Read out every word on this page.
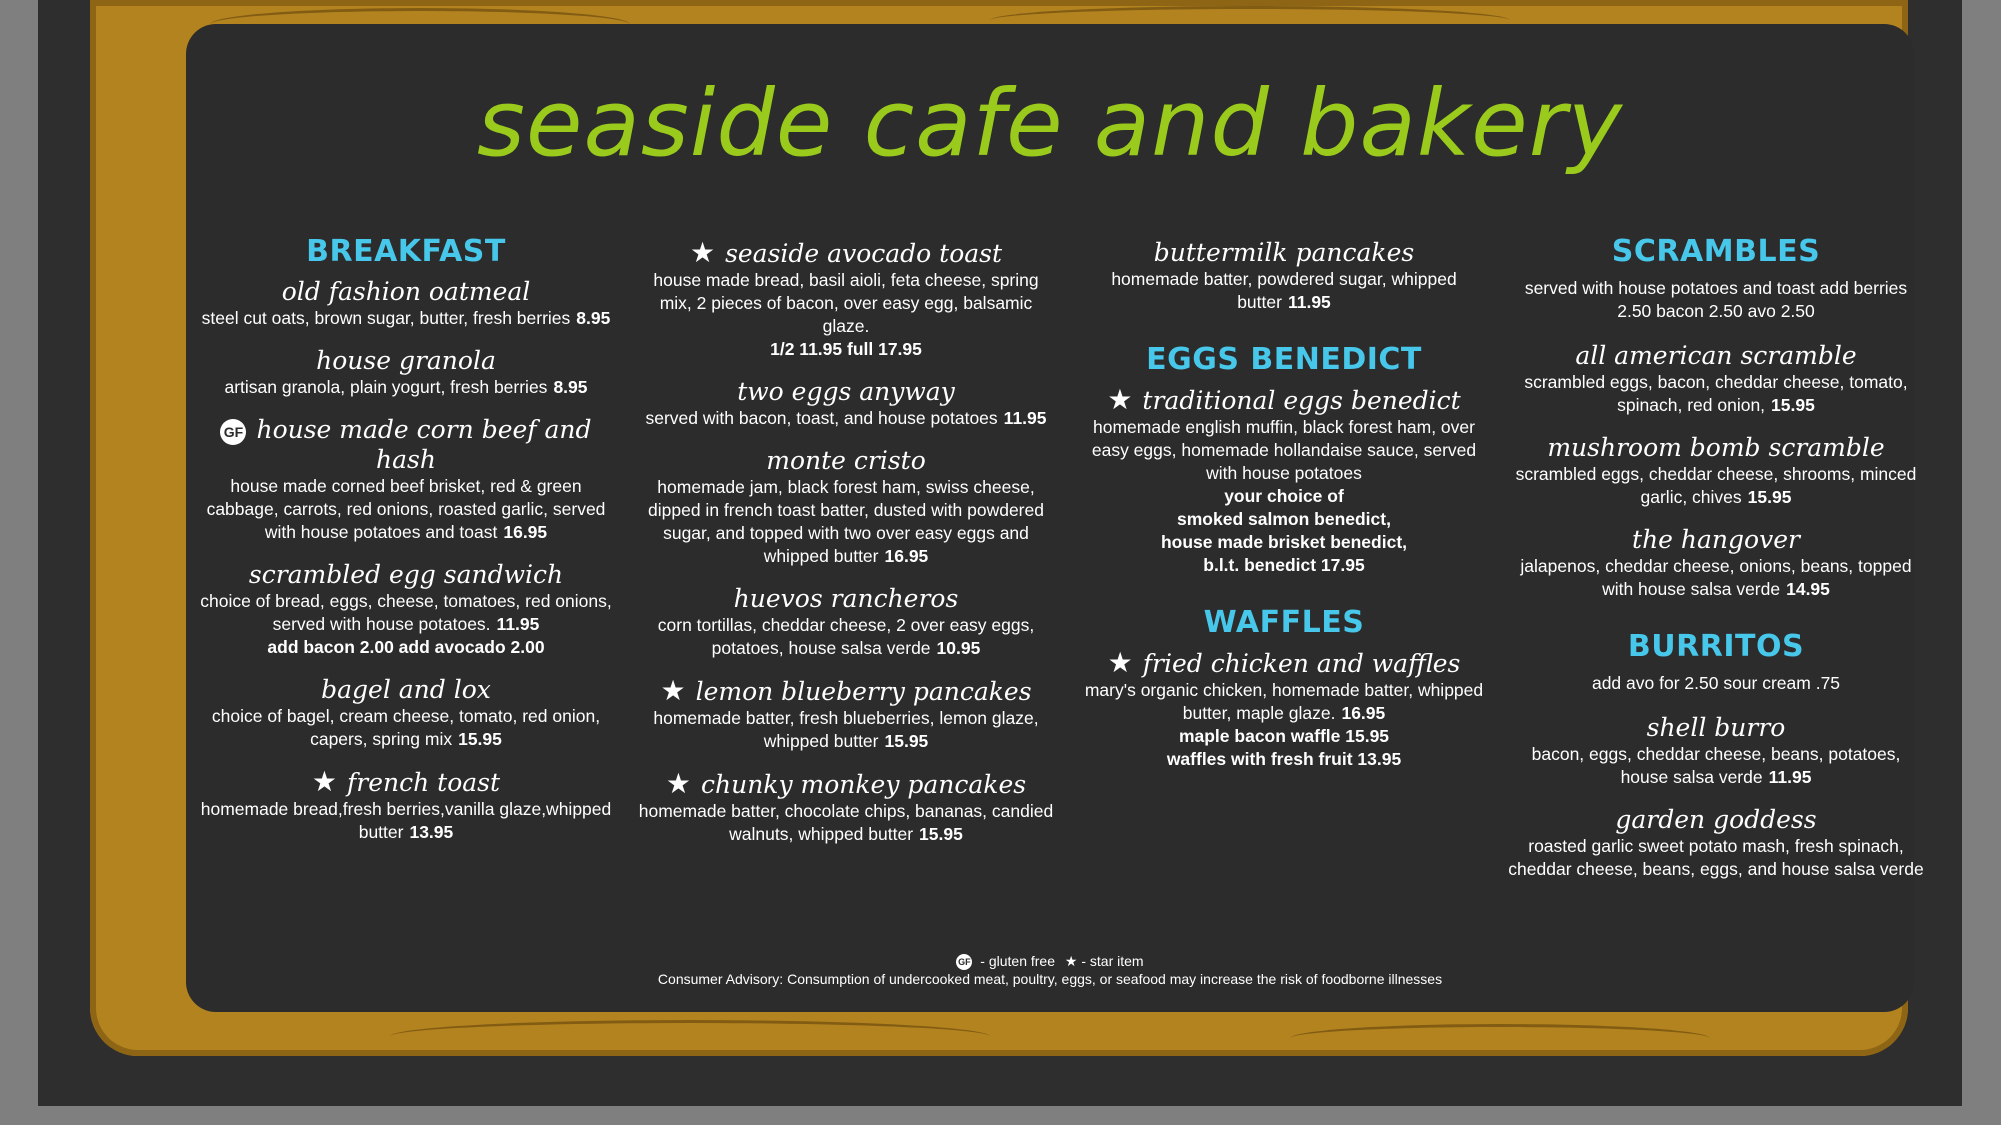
seaside cafe and bakery
BREAKFAST
old fashion oatmeal
steel cut oats, brown sugar, butter, fresh berries 8.95
house granola
artisan granola, plain yogurt, fresh berries 8.95
GF house made corn beef and hash
house made corned beef brisket, red & green cabbage, carrots, red onions, roasted garlic, served with house potatoes and toast 16.95
scrambled egg sandwich
choice of bread, eggs, cheese, tomatoes, red onions, served with house potatoes. 11.95
add bacon 2.00 add avocado 2.00
bagel and lox
choice of bagel, cream cheese, tomato, red onion, capers, spring mix 15.95
★ french toast
homemade bread,fresh berries,vanilla glaze,whipped butter 13.95
★ seaside avocado toast
house made bread, basil aioli, feta cheese, spring mix, 2 pieces of bacon, over easy egg, balsamic glaze.
1/2 11.95 full 17.95
two eggs anyway
served with bacon, toast, and house potatoes 11.95
monte cristo
homemade jam, black forest ham, swiss cheese, dipped in french toast batter, dusted with powdered sugar, and topped with two over easy eggs and whipped butter 16.95
huevos rancheros
corn tortillas, cheddar cheese, 2 over easy eggs, potatoes, house salsa verde 10.95
★ lemon blueberry pancakes
homemade batter, fresh blueberries, lemon glaze, whipped butter 15.95
★ chunky monkey pancakes
homemade batter, chocolate chips, bananas, candied walnuts, whipped butter 15.95
buttermilk pancakes
homemade batter, powdered sugar, whipped butter 11.95
EGGS BENEDICT
★ traditional eggs benedict
homemade english muffin, black forest ham, over easy eggs, homemade hollandaise sauce, served with house potatoes
your choice of
smoked salmon benedict,
house made brisket benedict,
b.l.t. benedict 17.95
WAFFLES
★ fried chicken and waffles
mary's organic chicken, homemade batter, whipped butter, maple glaze. 16.95
maple bacon waffle 15.95
waffles with fresh fruit 13.95
SCRAMBLES
served with house potatoes and toast add berries 2.50 bacon 2.50 avo 2.50
all american scramble
scrambled eggs, bacon, cheddar cheese, tomato, spinach, red onion, 15.95
mushroom bomb scramble
scrambled eggs, cheddar cheese, shrooms, minced garlic, chives 15.95
the hangover
jalapenos, cheddar cheese, onions, beans, topped with house salsa verde 14.95
BURRITOS
add avo for 2.50 sour cream .75
shell burro
bacon, eggs, cheddar cheese, beans, potatoes, house salsa verde 11.95
garden goddess
roasted garlic sweet potato mash, fresh spinach, cheddar cheese, beans, eggs, and house salsa verde
GF - gluten free ★ - star item
Consumer Advisory: Consumption of undercooked meat, poultry, eggs, or seafood may increase the risk of foodborne illnesses
